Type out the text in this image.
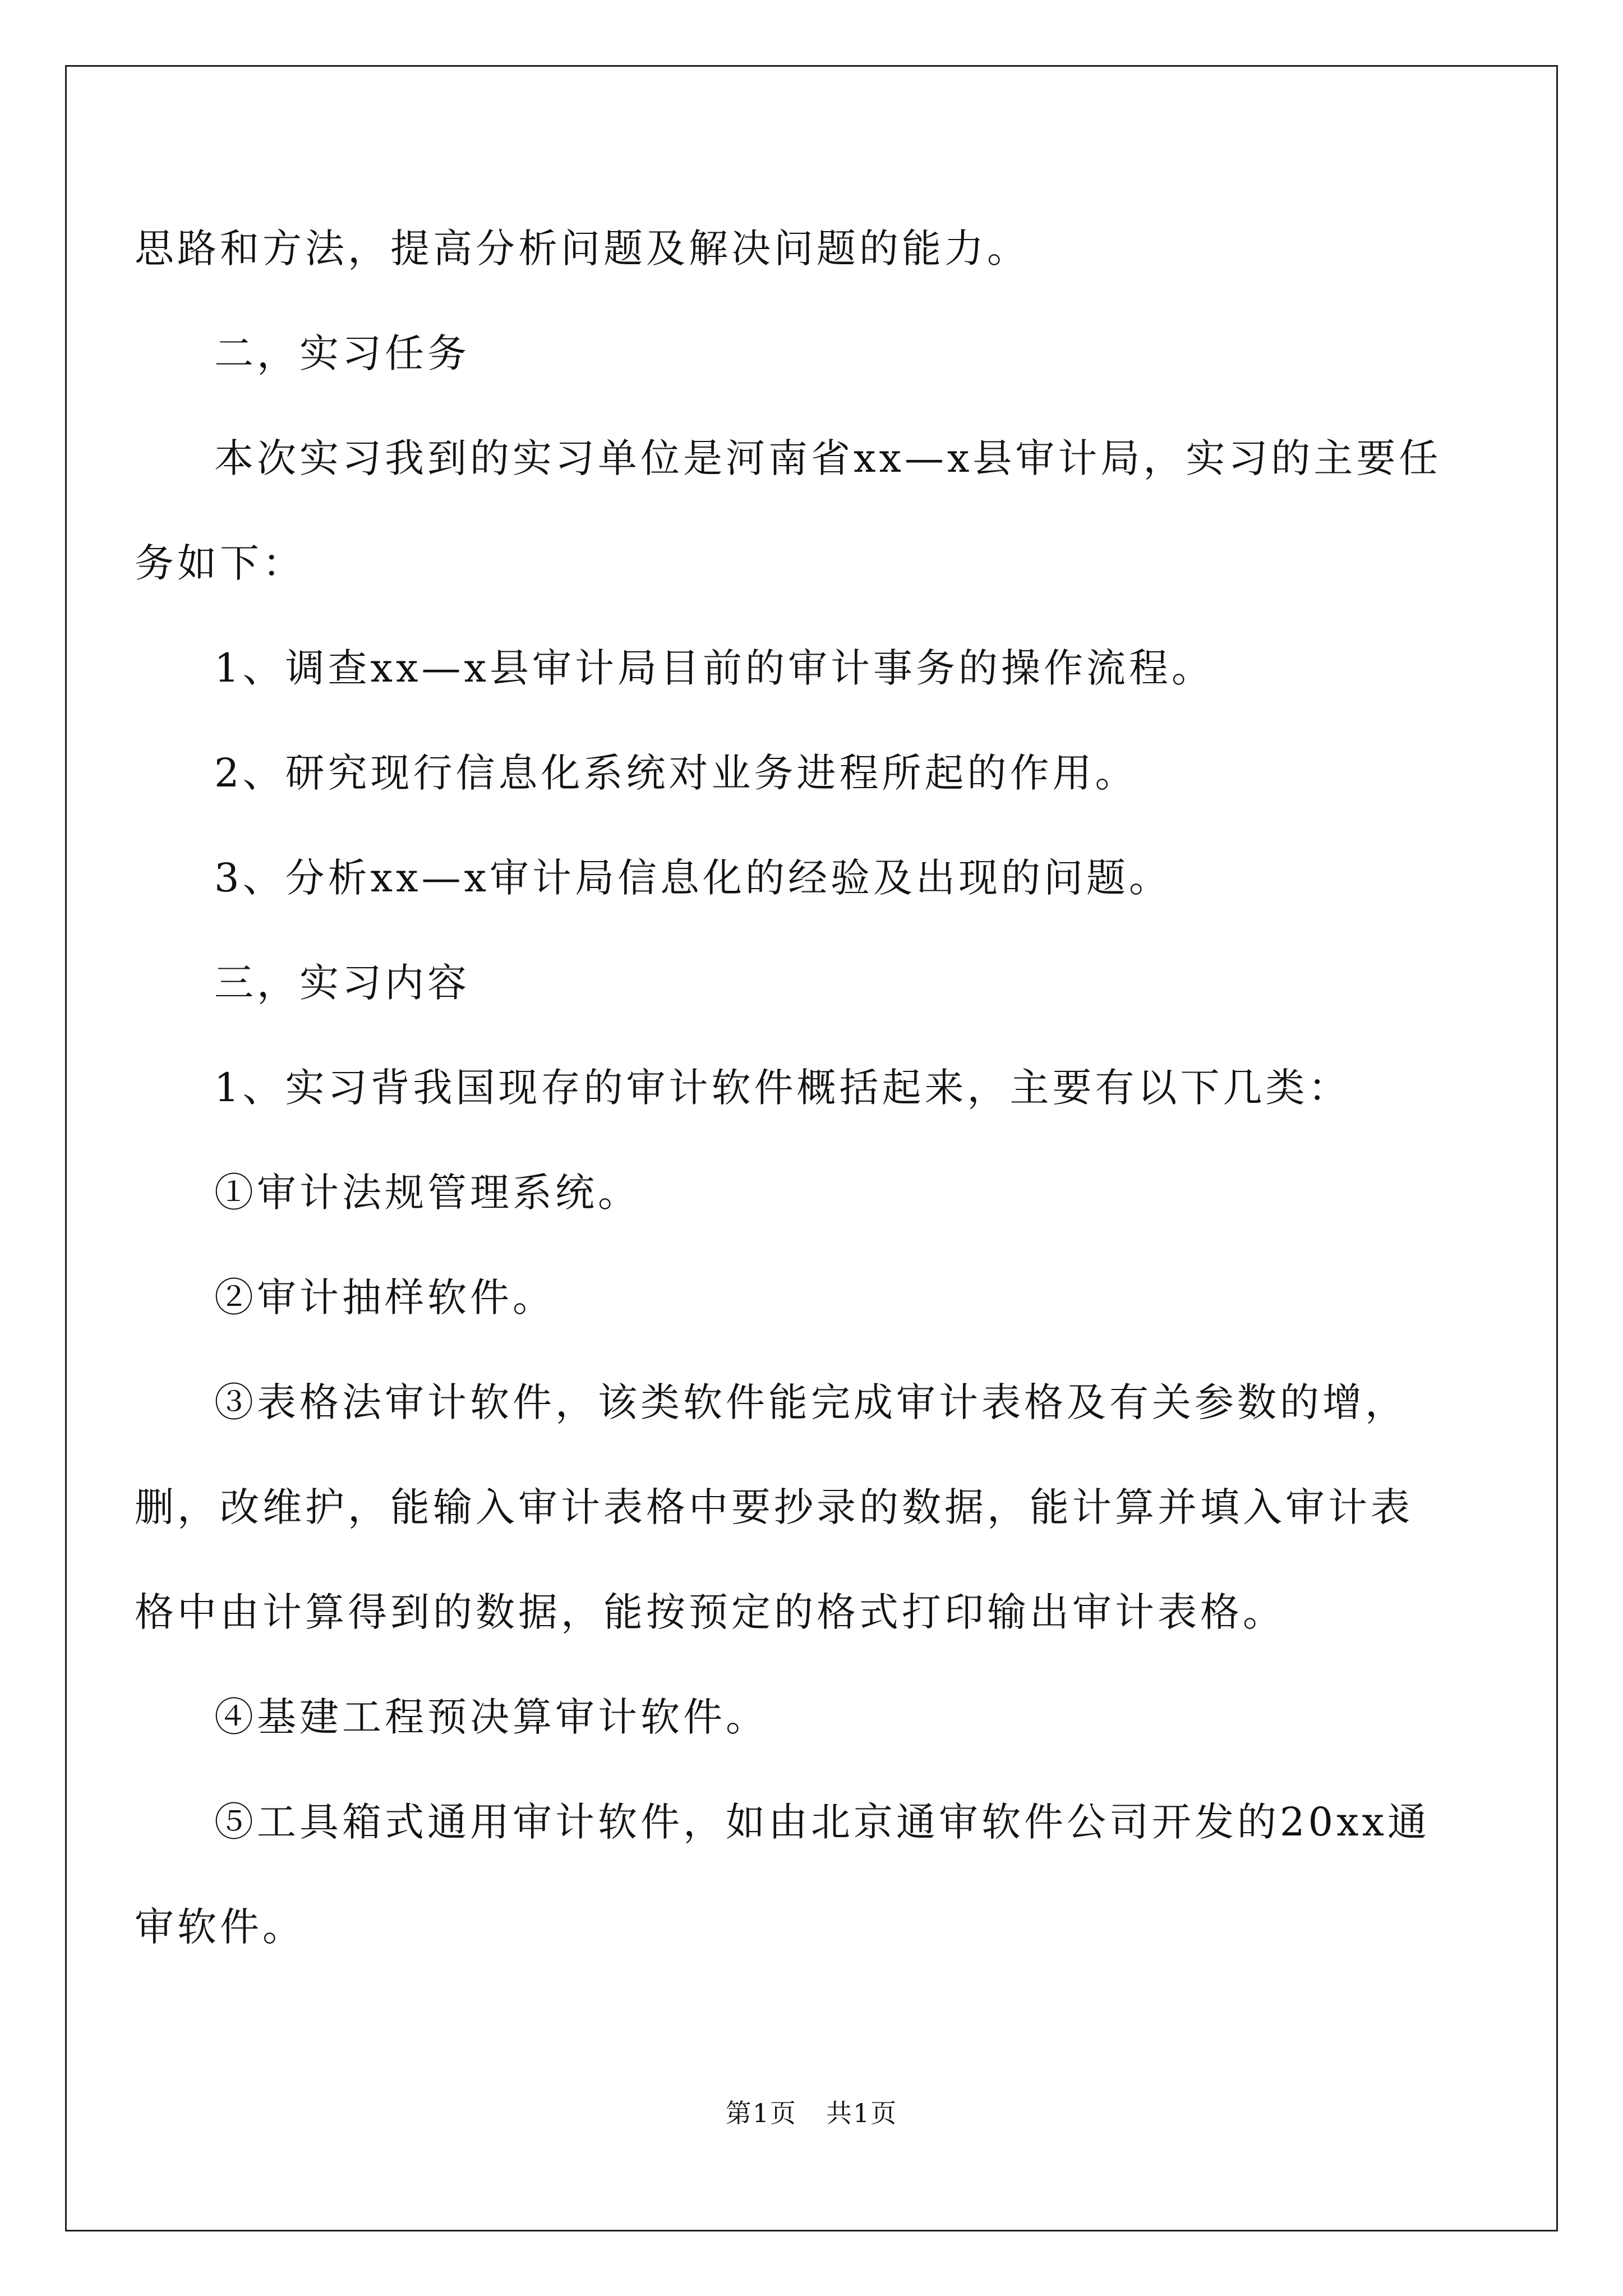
思路和方法，提高分析问题及解决问题的能力。

二，实习任务

本次实习我到的实习单位是河南省xx—x县审计局，实习的主要任务如下：

1、调查xx—x县审计局目前的审计事务的操作流程。

2、研究现行信息化系统对业务进程所起的作用。

3、分析xx—x审计局信息化的经验及出现的问题。

三，实习内容

1、实习背我国现存的审计软件概括起来，主要有以下几类：

①审计法规管理系统。

②审计抽样软件。

③表格法审计软件，该类软件能完成审计表格及有关参数的增，删，改维护，能输入审计表格中要抄录的数据，能计算并填入审计表格中由计算得到的数据，能按预定的格式打印输出审计表格。

④基建工程预决算审计软件。

⑤工具箱式通用审计软件，如由北京通审软件公司开发的20xx通审软件。

第1页 共1页
